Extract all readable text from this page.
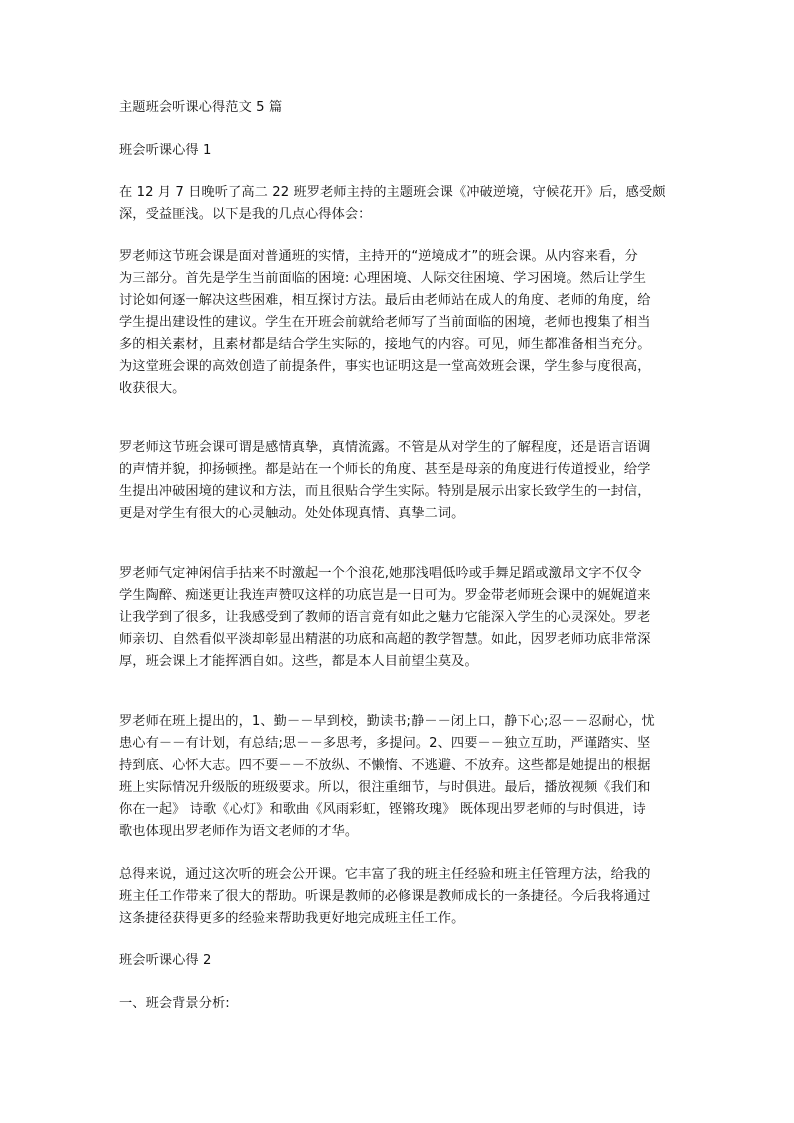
主题班会听课心得范文 5 篇
班会听课心得 1
在 12 月 7 日晚听了高二 22 班罗老师主持的主题班会课《冲破逆境，守候花开》后，感受颇
深，受益匪浅。以下是我的几点心得体会：
罗老师这节班会课是面对普通班的实情，主持开的“逆境成才”的班会课。从内容来看，分
为三部分。首先是学生当前面临的困境: 心理困境、人际交往困境、学习困境。然后让学生
讨论如何逐一解决这些困难，相互探讨方法。最后由老师站在成人的角度、老师的角度，给
学生提出建设性的建议。学生在开班会前就给老师写了当前面临的困境，老师也搜集了相当
多的相关素材，且素材都是结合学生实际的，接地气的内容。可见，师生都准备相当充分。
为这堂班会课的高效创造了前提条件，事实也证明这是一堂高效班会课，学生参与度很高，
收获很大。
罗老师这节班会课可谓是感情真挚，真情流露。不管是从对学生的了解程度，还是语言语调
的声情并貌，抑扬顿挫。都是站在一个师长的角度、甚至是母亲的角度进行传道授业，给学
生提出冲破困境的建议和方法，而且很贴合学生实际。特别是展示出家长致学生的一封信，
更是对学生有很大的心灵触动。处处体现真情、真挚二词。
罗老师气定神闲信手拈来不时激起一个个浪花,她那浅唱低吟或手舞足蹈或激昂文字不仅令
学生陶醉、痴迷更让我连声赞叹这样的功底岂是一日可为。罗金带老师班会课中的娓娓道来
让我学到了很多，让我感受到了教师的语言竟有如此之魅力它能深入学生的心灵深处。罗老
师亲切、自然看似平淡却彰显出精湛的功底和高超的教学智慧。如此，因罗老师功底非常深
厚，班会课上才能挥洒自如。这些，都是本人目前望尘莫及。
罗老师在班上提出的，1、勤－－早到校，勤读书;静－－闭上口，静下心;忍－－忍耐心，忧
患心有－－有计划，有总结;思－－多思考，多提问。2、四要－－独立互助，严谨踏实、坚
持到底、心怀大志。四不要－－不放纵、不懒惰、不逃避、不放弃。这些都是她提出的根据
班上实际情况升级版的班级要求。所以，很注重细节，与时俱进。最后，播放视频《我们和
你在一起》 诗歌《心灯》和歌曲《风雨彩虹，铿锵玫瑰》 既体现出罗老师的与时俱进，诗
歌也体现出罗老师作为语文老师的才华。
总得来说，通过这次听的班会公开课。它丰富了我的班主任经验和班主任管理方法，给我的
班主任工作带来了很大的帮助。听课是教师的必修课是教师成长的一条捷径。今后我将通过
这条捷径获得更多的经验来帮助我更好地完成班主任工作。
班会听课心得 2
一、班会背景分析:
